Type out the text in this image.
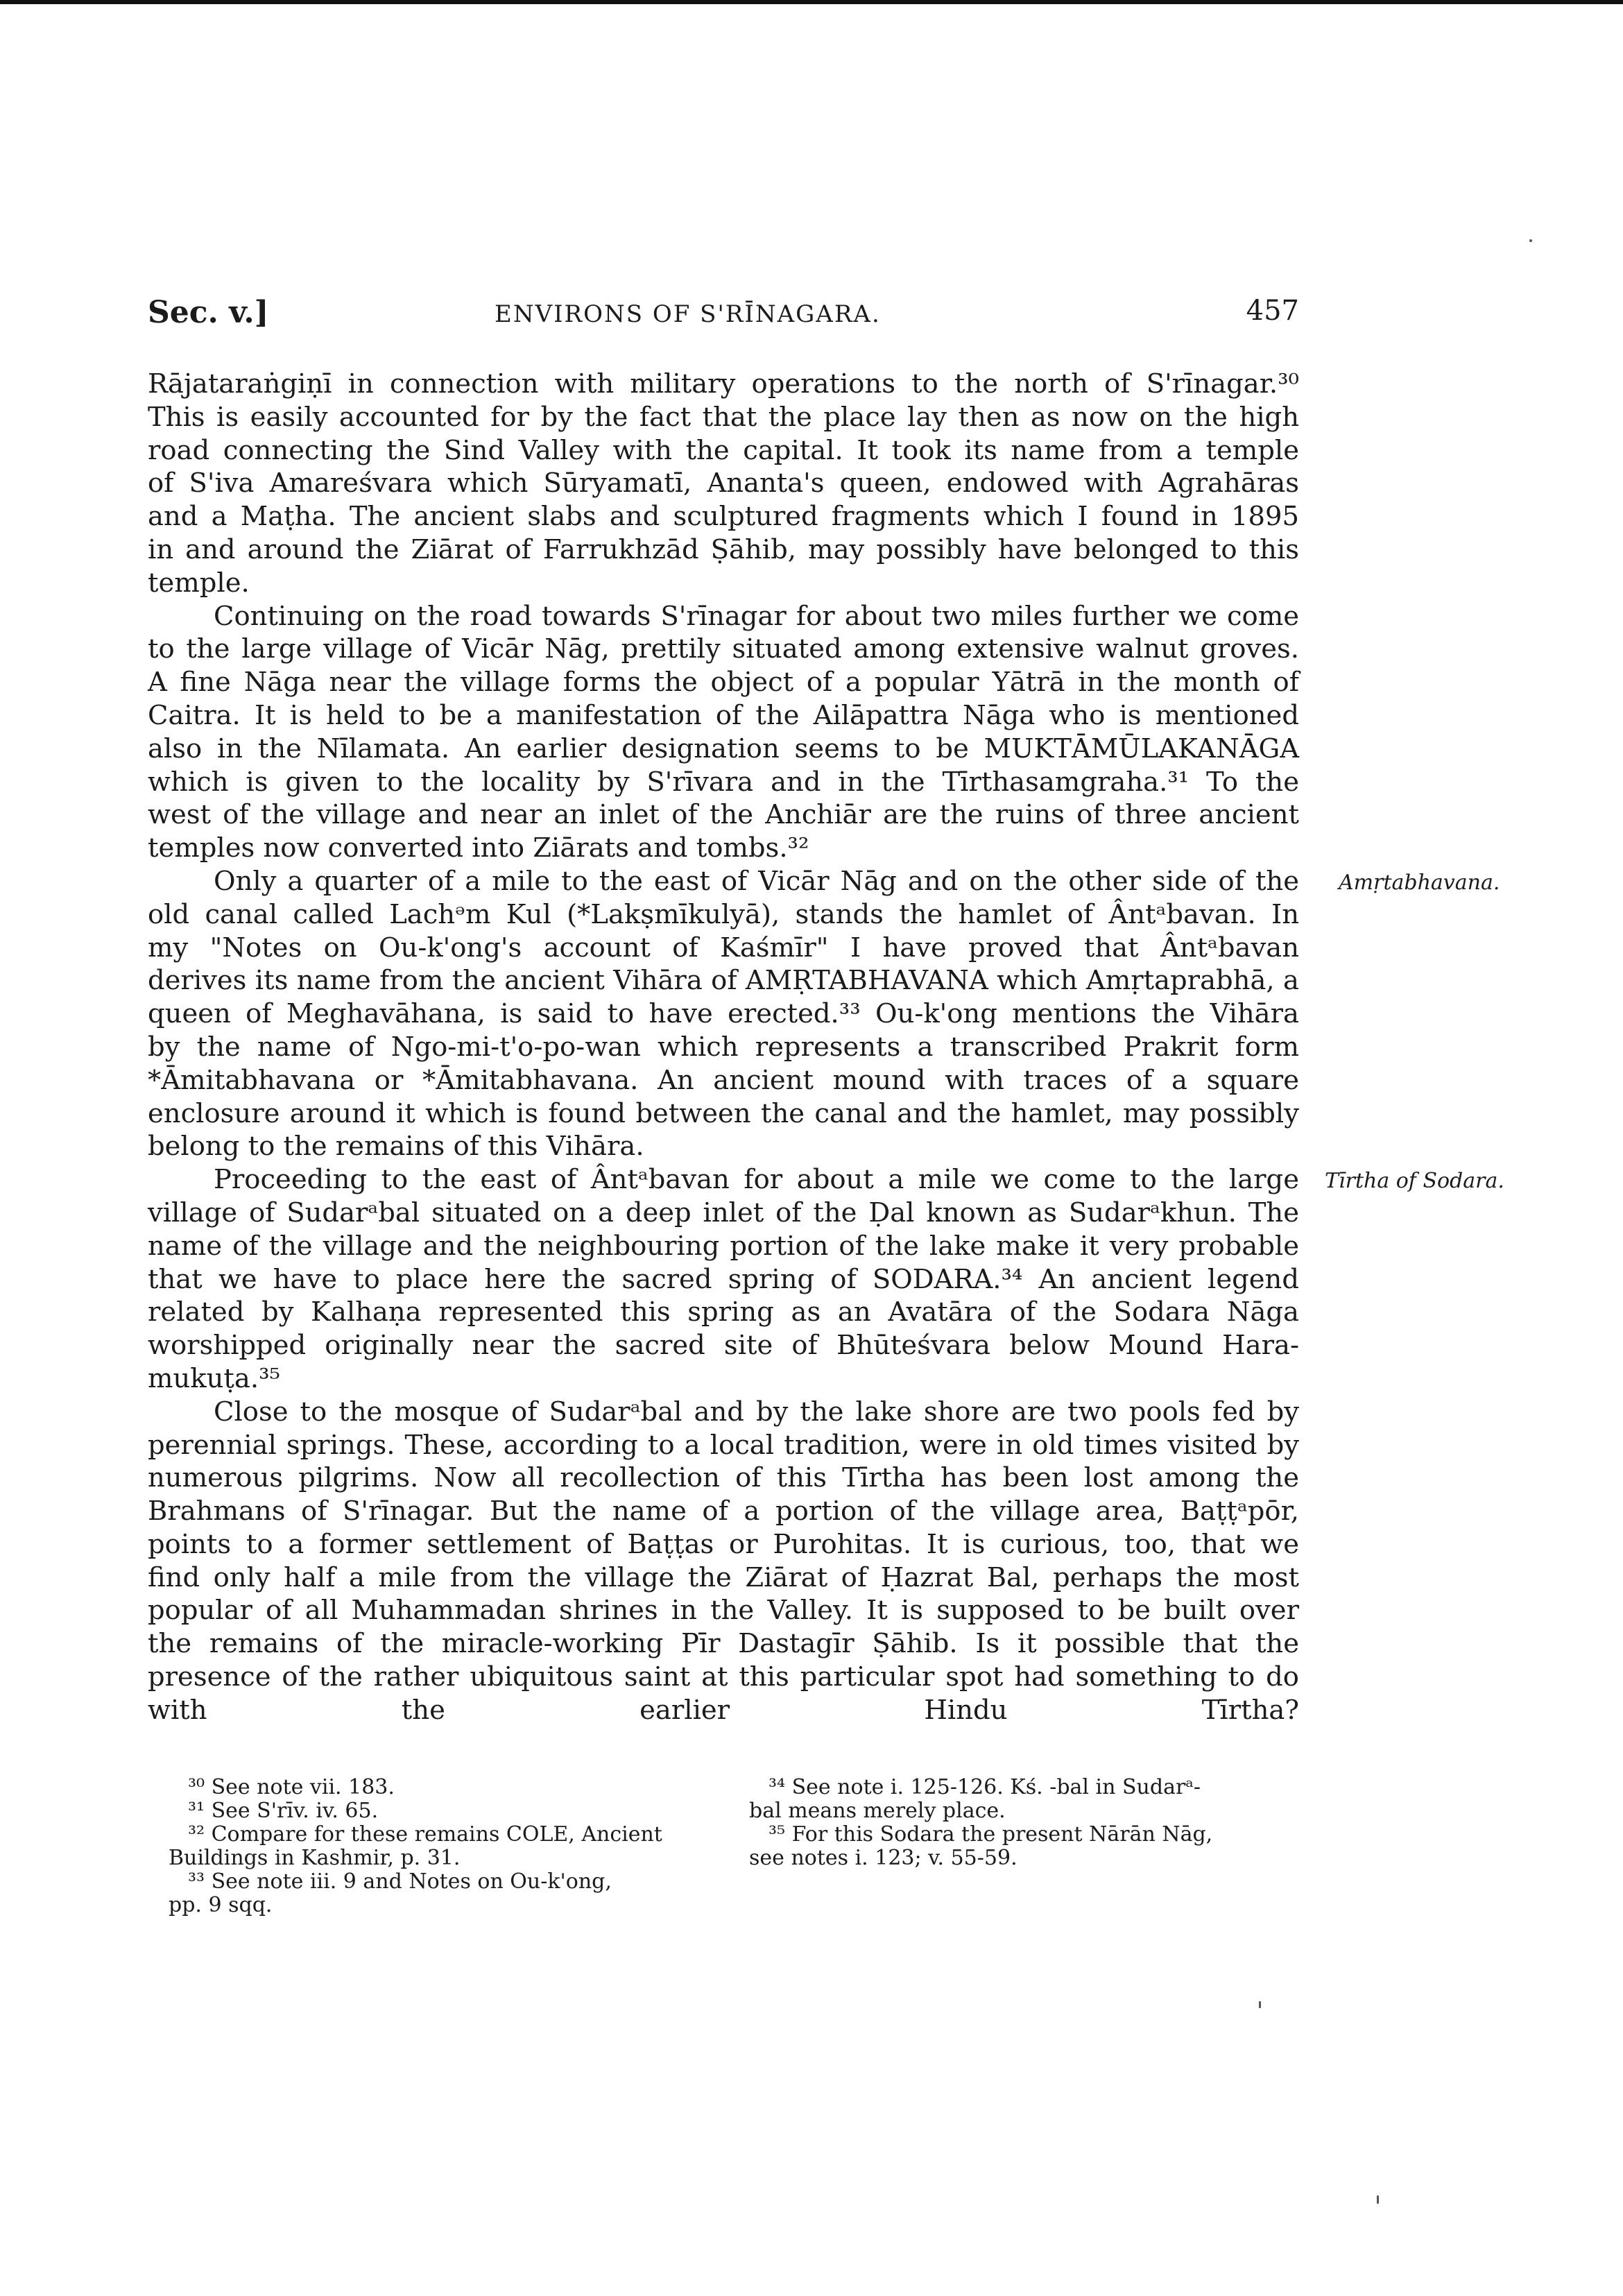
Sec. v.]	ENVIRONS OF S'RĪNAGARA.	457
Rājataraṅgiṇī in connection with military operations to the north of S'rīnagar.³⁰
This is easily accounted for by the fact that the place lay then as now on the high
road connecting the Sind Valley with the capital. It took its name from a temple
of S'iva Amareśvara which Sūryamatī, Ananta's queen, endowed with Agrahāras
and a Maṭha. The ancient slabs and sculptured fragments which I found in 1895
in and around the Ziārat of Farrukhzād Ṣāhib, may possibly have belonged to this
temple.
Continuing on the road towards S'rīnagar for about two miles further we come
to the large village of Vicār Nāg, prettily situated among extensive walnut groves.
A fine Nāga near the village forms the object of a popular Yātrā in the month of
Caitra. It is held to be a manifestation of the Ailāpattra Nāga who is mentioned
also in the Nīlamata. An earlier designation seems to be MUKTĀMŪLAKANĀGA
which is given to the locality by S'rīvara and in the Tīrthasamgraha.³¹ To the
west of the village and near an inlet of the Anchiār are the ruins of three ancient
temples now converted into Ziārats and tombs.³²
Only a quarter of a mile to the east of Vicār Nāg and on the other side of the
old canal called Lachᵊm Kul (*Lakṣmīkulyā), stands the hamlet of Ântᵃbavan. In
my "Notes on Ou-k'ong's account of Kaśmīr" I have proved that Ântᵃbavan
derives its name from the ancient Vihāra of AMṚTABHAVANA which Amṛtaprabhā, a
queen of Meghavāhana, is said to have erected.³³ Ou-k'ong mentions the Vihāra
by the name of Ngo-mi-t'o-po-wan which represents a transcribed Prakrit form
*Āmitabhavana or *Āmitabhavana. An ancient mound with traces of a square
enclosure around it which is found between the canal and the hamlet, may possibly
belong to the remains of this Vihāra.
Proceeding to the east of Ântᵃbavan for about a mile we come to the large
village of Sudarᵃbal situated on a deep inlet of the Ḍal known as Sudarᵃkhun. The
name of the village and the neighbouring portion of the lake make it very probable
that we have to place here the sacred spring of SODARA.³⁴ An ancient legend
related by Kalhaṇa represented this spring as an Avatāra of the Sodara Nāga
worshipped originally near the sacred site of Bhūteśvara below Mound Hara-
mukuṭa.³⁵
Close to the mosque of Sudarᵃbal and by the lake shore are two pools fed by
perennial springs. These, according to a local tradition, were in old times visited by
numerous pilgrims. Now all recollection of this Tīrtha has been lost among the
Brahmans of S'rīnagar. But the name of a portion of the village area, Baṭṭᵃpōr,
points to a former settlement of Baṭṭas or Purohitas. It is curious, too, that we
find only half a mile from the village the Ziārat of Ḥazrat Bal, perhaps the most
popular of all Muhammadan shrines in the Valley. It is supposed to be built over
the remains of the miracle-working Pīr Dastagīr Ṣāhib. Is it possible that the
presence of the rather ubiquitous saint at this particular spot had something to do
with the earlier Hindu Tīrtha?
Amṛtabhavana.
Tīrtha of Sodara.
³⁰ See note vii. 183.
³¹ See S'rīv. iv. 65.
³² Compare for these remains COLE, Ancient
Buildings in Kashmir, p. 31.
³³ See note iii. 9 and Notes on Ou-k'ong,
pp. 9 sqq.
³⁴ See note i. 125-126. Kś. -bal in Sudarᵃ-
bal means merely place.
³⁵ For this Sodara the present Nārān Nāg,
see notes i. 123; v. 55-59.
